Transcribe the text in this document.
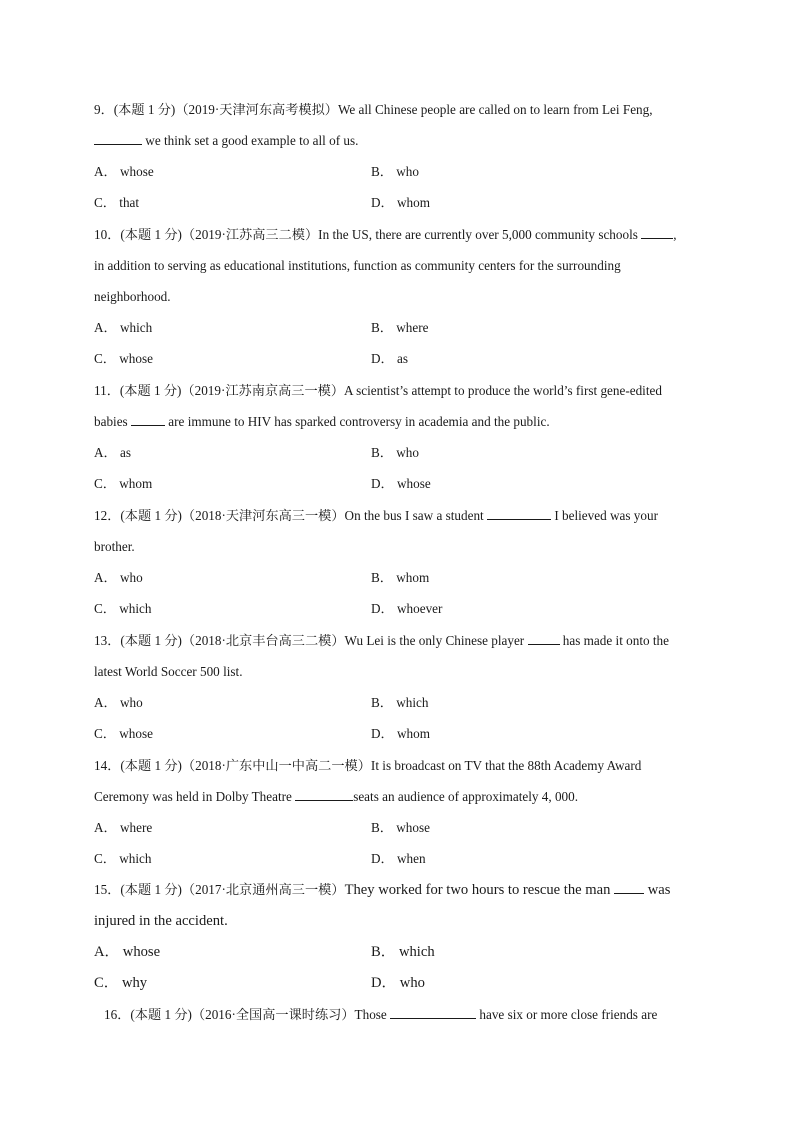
9．(本题 1 分)（2019·天津河东高考模拟）We all Chinese people are called on to learn from Lei Feng,
we think set a good example to all of us.
A． whose	B． who
C． that	D． whom
10．(本题 1 分)（2019·江苏高三二模）In the US, there are currently over 5,000 community schools ,
in addition to serving as educational institutions, function as community centers for the surrounding
neighborhood.
A． which	B． where
C． whose	D． as
11．(本题 1 分)（2019·江苏南京高三一模）A scientist’s attempt to produce the world’s first gene-edited
babies	are immune to HIV has sparked controversy in academia and the public.
A． as	B． who
C． whom	D． whose
12．(本题 1 分)（2018·天津河东高三一模）On the bus I saw a student	I believed was your
brother.
A． who	B． whom
C． which	D． whoever
13．(本题 1 分)（2018·北京丰台高三二模）Wu Lei is the only Chinese player  has made it onto the
latest World Soccer 500 list.
A． who	B． which
C． whose	D． whom
14．(本题 1 分)（2018·广东中山一中高二一模）It is broadcast on TV that the 88th Academy Award
Ceremony was held in Dolby Theatre	seats an audience of approximately 4, 000.
A． where	B． whose
C． which	D． when
15．(本题 1 分)（2017·北京通州高三一模）They worked for two hours to rescue the man  was
injured in the accident.
A． whose	B． which
C． why	D． who
16．(本题 1 分)（2016·全国高一课时练习）Those	have six or more close friends are
